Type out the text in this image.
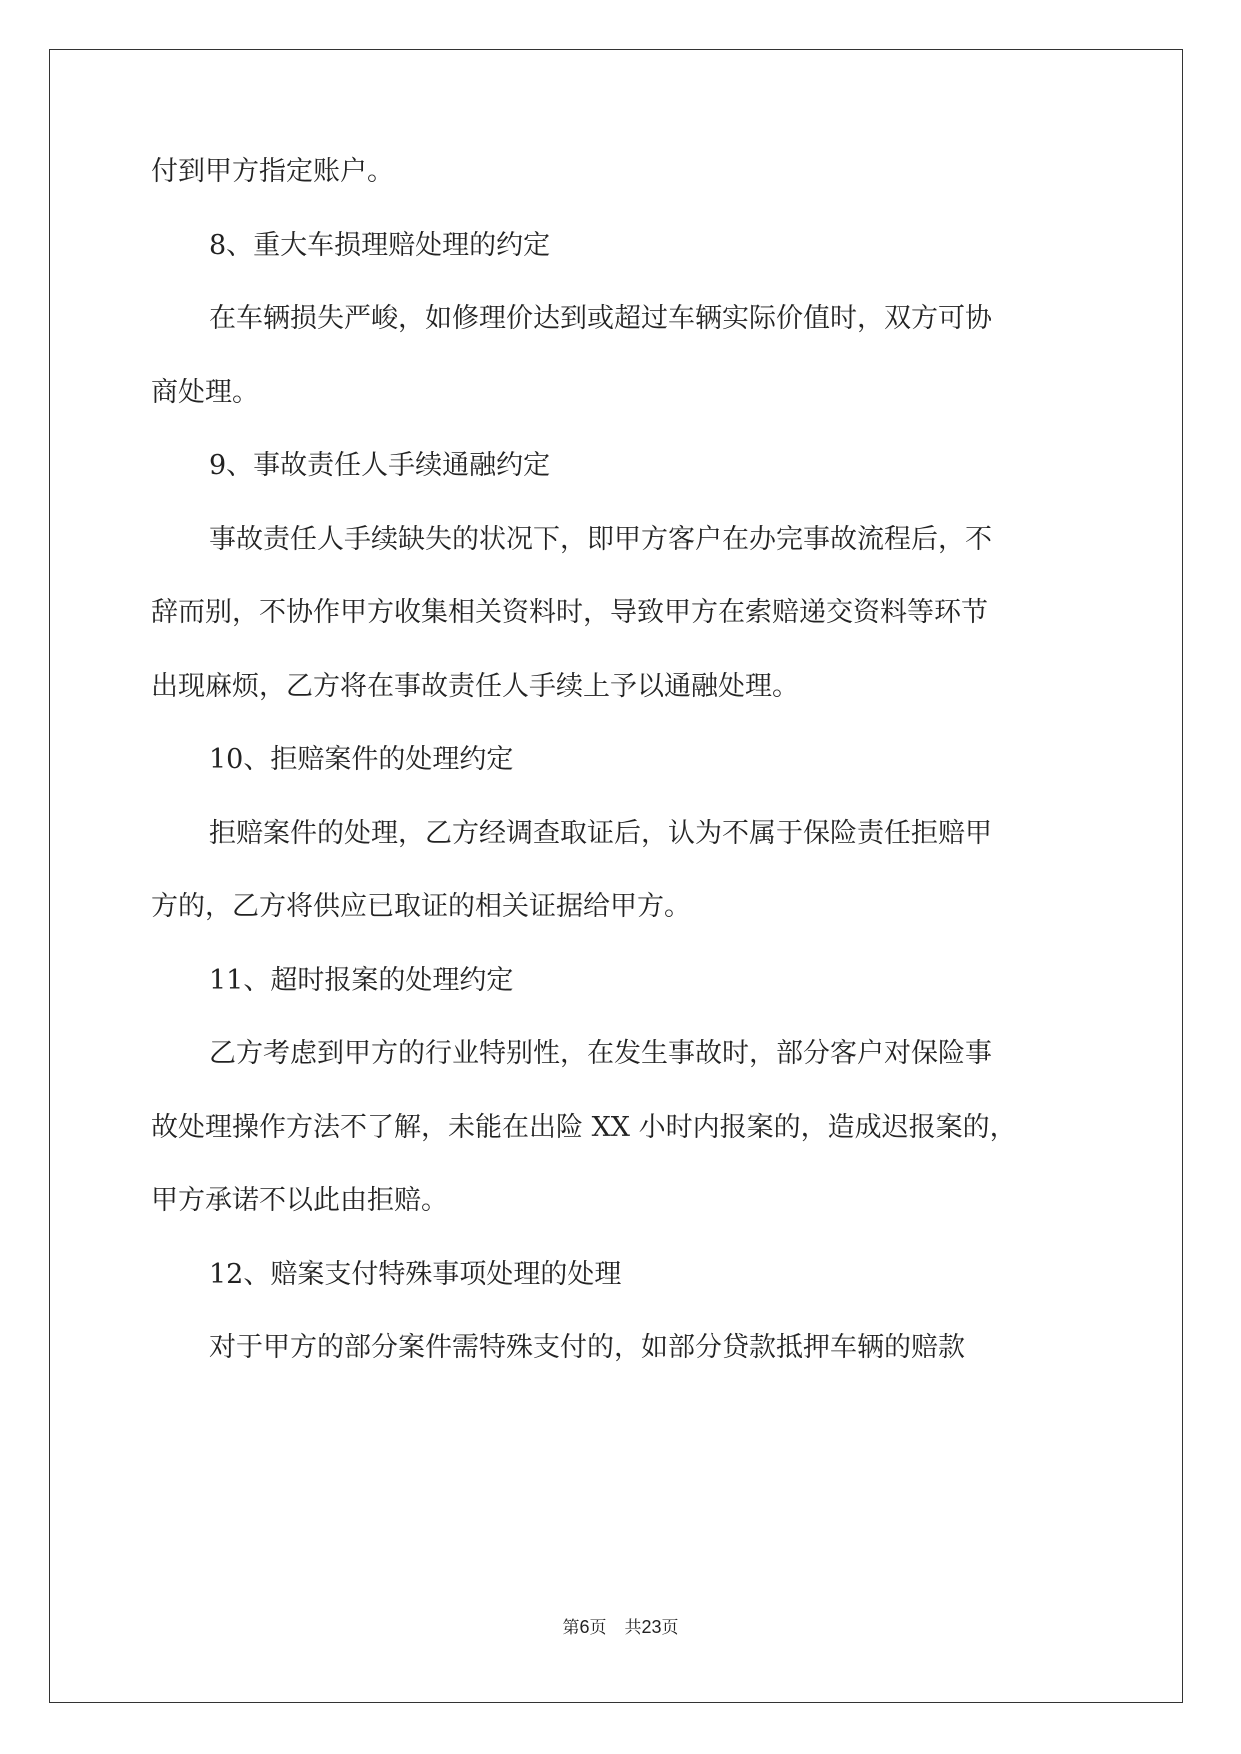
付到甲方指定账户。
8、重大车损理赔处理的约定
在车辆损失严峻，如修理价达到或超过车辆实际价值时，双方可协
商处理。
9、事故责任人手续通融约定
事故责任人手续缺失的状况下，即甲方客户在办完事故流程后，不
辞而别，不协作甲方收集相关资料时，导致甲方在索赔递交资料等环节
出现麻烦，乙方将在事故责任人手续上予以通融处理。
10、拒赔案件的处理约定
拒赔案件的处理，乙方经调查取证后，认为不属于保险责任拒赔甲
方的，乙方将供应已取证的相关证据给甲方。
11、超时报案的处理约定
乙方考虑到甲方的行业特别性，在发生事故时，部分客户对保险事
故处理操作方法不了解，未能在出险 XX 小时内报案的，造成迟报案的，
甲方承诺不以此由拒赔。
12、赔案支付特殊事项处理的处理
对于甲方的部分案件需特殊支付的，如部分贷款抵押车辆的赔款
第6页 共23页
